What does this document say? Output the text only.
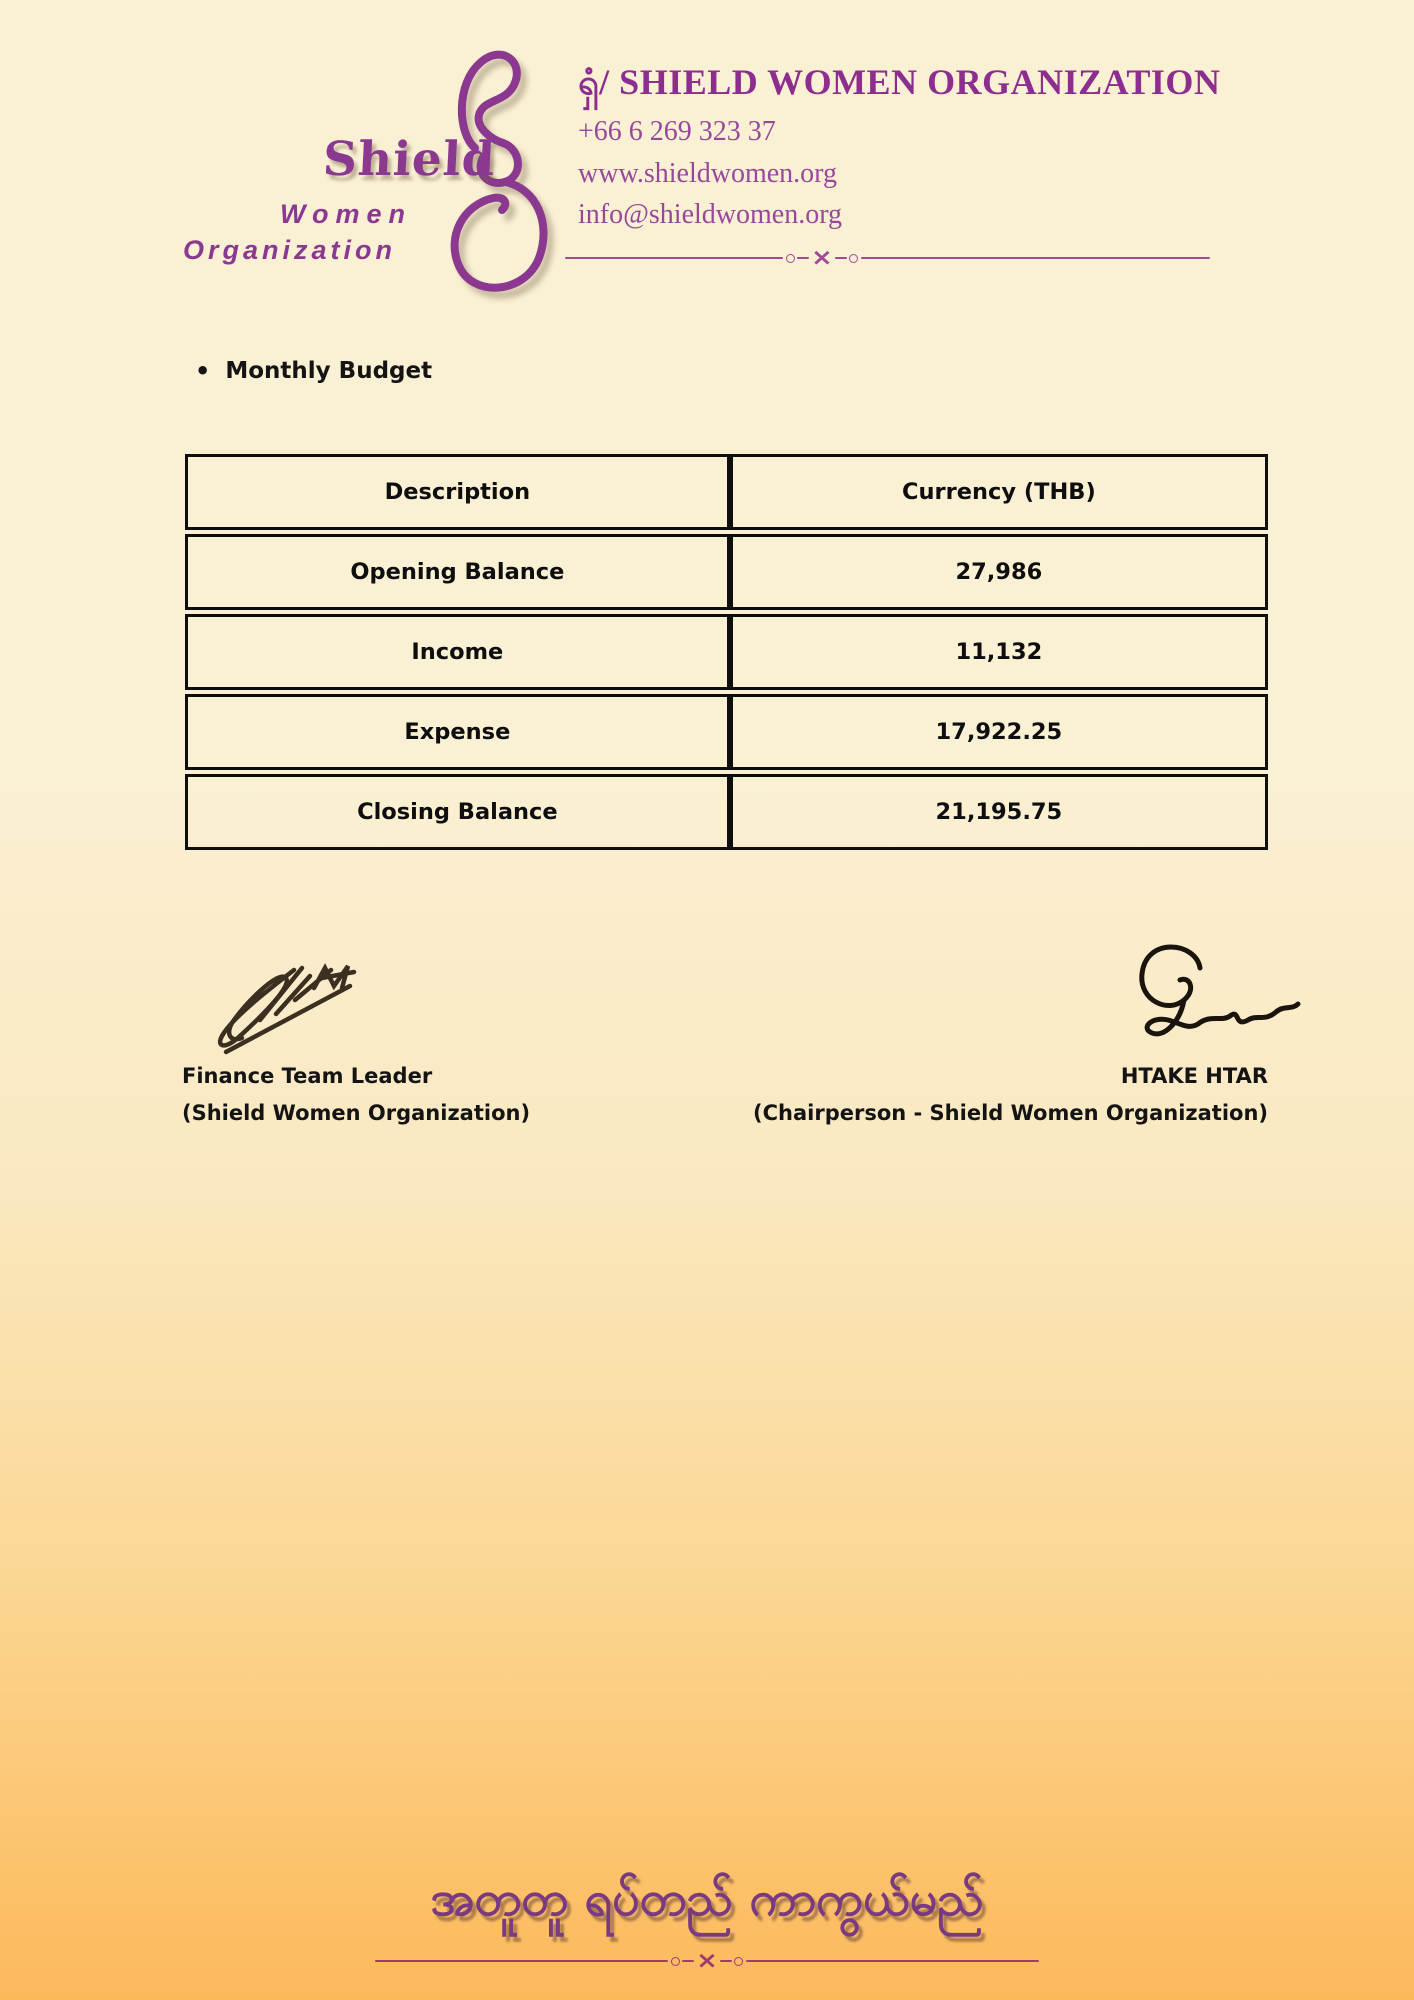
Shield
Women
Organization
ရှံ/ SHIELD WOMEN ORGANIZATION
+66 6 269 323 37
www.shieldwomen.org
info@shieldwomen.org
×
• Monthly Budget
Description	Currency (THB)
Opening Balance	27,986
Income	11,132
Expense	17,922.25
Closing Balance	21,195.75
Finance Team Leader
(Shield Women Organization)
HTAKE HTAR
(Chairperson - Shield Women Organization)
အတူတူ ရပ်တည် ကာကွယ်မည်
×
